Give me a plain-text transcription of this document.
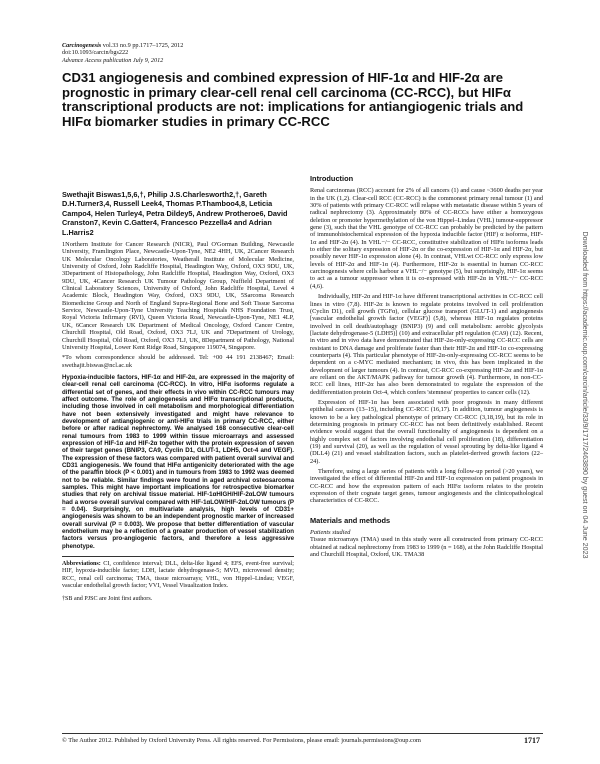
Carcinogenesis vol.33 no.9 pp.1717–1725, 2012
doi:10.1093/carcin/bgs222
Advance Access publication July 9, 2012
CD31 angiogenesis and combined expression of HIF-1α and HIF-2α are prognostic in primary clear-cell renal cell carcinoma (CC-RCC), but HIFα transcriptional products are not: implications for antiangiogenic trials and HIFα biomarker studies in primary CC-RCC

Swethajit Biswas1,5,6,†, Philip J.S.Charlesworth2,†, Gareth D.H.Turner3,4, Russell Leek4, Thomas P.Thamboo4,8, Leticia Campo4, Helen Turley4, Petra Dildey5, Andrew Protheroe6, David Cranston7, Kevin C.Gatter4, Francesco Pezzella4 and Adrian L.Harris2

1Northern Institute for Cancer Research (NICR), Paul O'Gorman Building, Newcastle University, Framlington Place, Newcastle-Upon-Tyne, NE2 4HH, UK, 2Cancer Research UK Molecular Oncology Laboratories, Weatherall Institute of Molecular Medicine, University of Oxford, John Radcliffe Hospital, Headington Way, Oxford, OX3 9DU, UK, 3Department of Histopathology, John Radcliffe Hospital, Headington Way, Oxford, OX3 9DU, UK, 4Cancer Research UK Tumour Pathology Group, Nuffield Department of Clinical Laboratory Sciences, University of Oxford, John Radcliffe Hospital, Level 4 Academic Block, Headington Way, Oxford, OX3 9DU, UK, 5Sarcoma Research Biomedicine Group and North of England Supra-Regional Bone and Soft Tissue Sarcoma Service, Newcastle-Upon-Tyne University Teaching Hospitals NHS Foundation Trust, Royal Victoria Infirmary (RVI), Queen Victoria Road, Newcastle-Upon-Tyne, NE1 4LP, UK, 6Cancer Research UK Department of Medical Oncology, Oxford Cancer Centre, Churchill Hospital, Old Road, Oxford, OX3 7LJ, UK and 7Department of Urology, Churchill Hospital, Old Road, Oxford, OX3 7LJ, UK, 8Department of Pathology, National University Hospital, Lower Kent Ridge Road, Singapore 119074, Singapore.

*To whom correspondence should be addressed. Tel: +00 44 191 2138467; Email: swethajit.biswas@ncl.ac.uk

Hypoxia-inducible factors, HIF-1α and HIF-2α, are expressed in the majority of clear-cell renal cell carcinoma (CC-RCC). In vitro, HIFα isoforms regulate a differential set of genes, and their effects in vivo within CC-RCC tumours may affect outcome. The role of angiogenesis and HIFα transcriptional products, including those involved in cell metabolism and morphological differentiation have not been extensively investigated and might have relevance to development of antiangiogenic or anti-HIFα trials in primary CC-RCC, either before or after radical nephrectomy. We analysed 168 consecutive clear-cell renal tumours from 1983 to 1999 within tissue microarrays and assessed expression of HIF-1α and HIF-2α together with the protein expression of seven of their target genes (BNIP3, CA9, Cyclin D1, GLUT-1, LDH5, Oct-4 and VEGF). The expression of these factors was compared with patient overall survival and CD31 angiogenesis. We found that HIFα antigenicity deteriorated with the age of the paraffin block (P < 0.001) and in tumours from 1983 to 1992 was deemed not to be reliable. Similar findings were found in aged archival osteosarcoma samples. This might have important implications for retrospective biomarker studies that rely on archival tissue material. HIF-1αHIGH/HIF-2αLOW tumours had a worse overall survival compared with HIF-1αLOW/HIF-2αLOW tumours (P = 0.04). Surprisingly, on multivariate analysis, high levels of CD31+ angiogenesis was shown to be an independent prognostic marker of increased overall survival (P = 0.003). We propose that better differentiation of vascular endothelium may be a reflection of a greater production of vessel stabilization factors versus pro-angiogenic factors, and therefore a less aggressive phenotype.

Abbreviations: CI, confidence interval; DLL, delta-like ligand 4; EFS, event-free survival; HIF, hypoxia-inducible factor; LDH, lactate dehydrogenase-5; MVD, microvessel density; RCC, renal cell carcinoma; TMA, tissue microarrays; VHL, von Hippel–Lindau; VEGF, vascular endothelial growth factor; VVI, Vessel Visualization Index.

†SB and PJSC are Joint first authors.

Introduction

Renal carcinomas (RCC) account for 2% of all cancers (1) and cause ~3600 deaths per year in the UK (1,2). Clear-cell RCC (CC-RCC) is the commonest primary renal tumour (1) and 30% of patients with primary CC-RCC will relapse with metastatic disease within 5 years of radical nephrectomy (3). Approximately 80% of CC-RCCs have either a homozygous deletion or promoter hypermethylation of the von Hippel–Lindau (VHL) tumour-suppressor gene (3), such that the VHL genotype of CC-RCC can probably be predicted by the pattern of immunohistochemical expression of the hypoxia inducible factor (HIF) α isoforms, HIF-1α and HIF-2α (4). In VHL−/− CC-RCC, constitutive stabilization of HIFα isoforms leads to either the solitary expression of HIF-2α or the co-expression of HIF-1α and HIF-2α, but possibly never HIF-1α expression alone (4). In contrast, VHLwt CC-RCC only express low levels of HIF-2α and HIF-1α (4). Furthermore, HIF-2α is essential in human CC-RCC carcinogenesis where cells harbour a VHL−/− genotype (5), but surprisingly, HIF-1α seems to act as a tumour suppressor when it is co-expressed with HIF-2α in VHL−/− CC-RCC (4,6).

Individually, HIF-2α and HIF-1α have different transcriptional activities in CC-RCC cell lines in vitro (7,8). HIF-2α is known to regulate proteins involved in cell proliferation (Cyclin D1), cell growth (TGFα), cellular glucose transport (GLUT-1) and angiogenesis [vascular endothelial growth factor (VEGF)] (5,8), whereas HIF-1α regulates proteins involved in cell death/autophagy (BNIP3) (9) and cell metabolism: aerobic glycolysis [lactate dehydrogenase-5 (LDH5)] (10) and extracellular pH regulation (CA9) (12). Recent, in vitro and in vivo data have demonstrated that HIF-2α-only-expressing CC-RCC cells are resistant to DNA damage and proliferate faster than their HIF-2α and HIF-1α co-expressing counterparts (4). This particular phenotype of HIF-2α-only-expressing CC-RCC seems to be dependent on a c-MYC mediated mechanism; in vivo, this has been implicated in the development of larger tumours (4). In contrast, CC-RCC co-expressing HIF-2α and HIF-1α are reliant on the AKT/MAPK pathway for tumour growth (4). Furthermore, in non-CC-RCC cell lines, HIF-2α has also been demonstrated to regulate the expression of the dedifferentiation protein Oct-4, which confers 'stemness' properties to cancer cells (12).

Expression of HIF-1α has been associated with poor prognosis in many different epithelial cancers (13–15), including CC-RCC (16,17). In addition, tumour angiogenesis is known to be a key pathological phenotype of primary CC-RCC (3,18,19), but its role in determining prognosis in primary CC-RCC has not been definitively established. Recent evidence would suggest that the overall functionality of angiogenesis is dependent on a highly complex set of factors involving endothelial cell proliferation (18), differentiation (19) and survival (20), as well as the regulation of vessel sprouting by delta-like ligand 4 (DLL4) (21) and vessel stabilization factors, such as platelet-derived growth factors (22–24).

Therefore, using a large series of patients with a long follow-up period (>20 years), we investigated the effect of differential HIF-2α and HIF-1α expression on patient prognosis in CC-RCC and how the expression pattern of each HIFα isoform relates to the protein expression of their cognate target genes, tumour angiogenesis and the clinicopathological characteristics of CC-RCC.

Materials and methods

Patients studied

Tissue microarrays (TMA) used in this study were all constructed from primary CC-RCC obtained at radical nephrectomy from 1983 to 1999 (n = 168), at the John Radcliffe Hospital and Churchill Hospital, Oxford, UK. TMA38

© The Author 2012. Published by Oxford University Press. All rights reserved. For Permissions, please email: journals.permissions@oup.com	1717
Downloaded from https://academic.oup.com/carcin/article/33/9/1717/2463890 by guest on 04 June 2023
